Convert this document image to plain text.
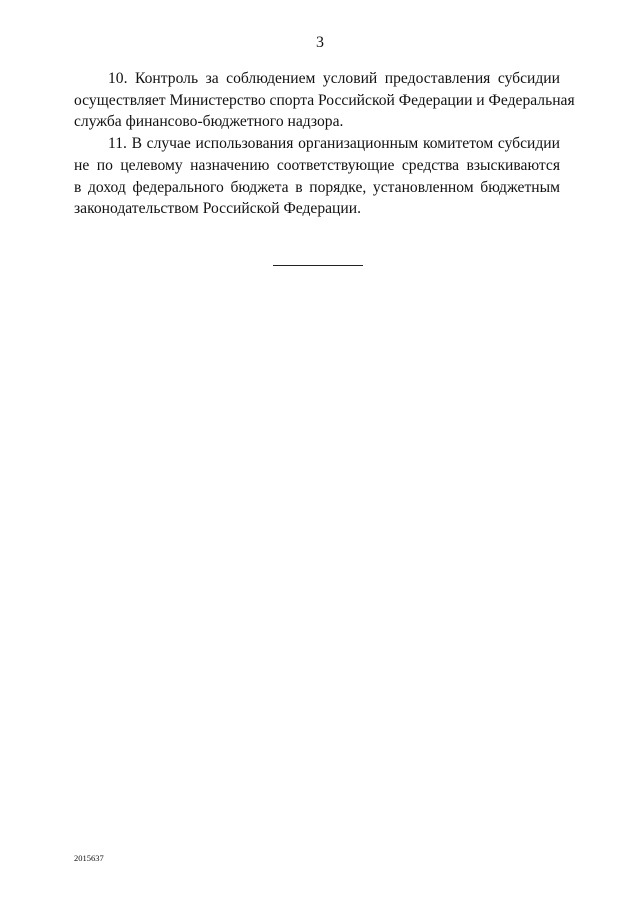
3
10. Контроль за соблюдением условий предоставления субсидии
осуществляет Министерство спорта Российской Федерации и Федеральная
служба финансово-бюджетного надзора.
11. В случае использования организационным комитетом субсидии
не по целевому назначению соответствующие средства взыскиваются
в доход федерального бюджета в порядке, установленном бюджетным
законодательством Российской Федерации.
2015637
